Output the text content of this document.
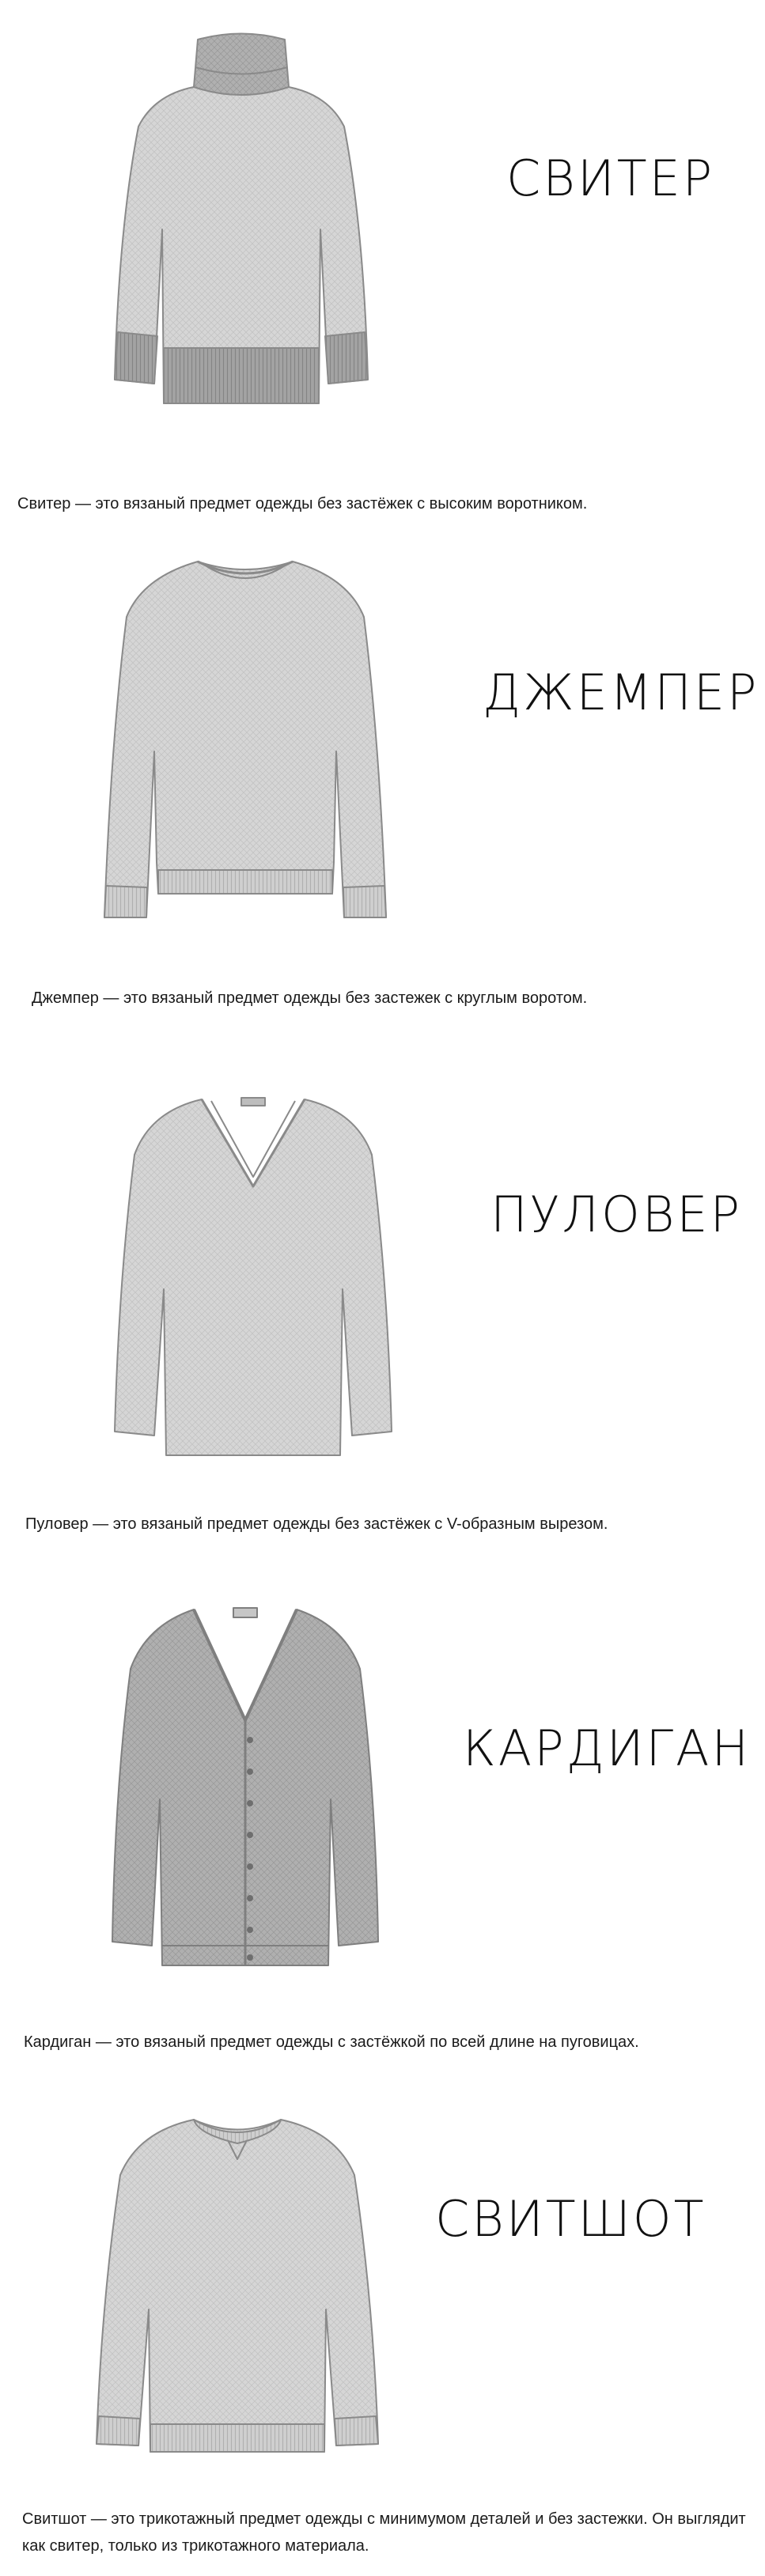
СВИТЕР
Свитер — это вязаный предмет одежды без застёжек с высоким воротником.
ДЖЕМПЕР
Джемпер — это вязаный предмет одежды без застежек с круглым воротом.
ПУЛОВЕР
Пуловер — это вязаный предмет одежды без застёжек с V-образным вырезом.
КАРДИГАН
Кардиган — это вязаный предмет одежды с застёжкой по всей длине на пуговицах.
СВИТШОТ
Свитшот — это трикотажный предмет одежды с минимумом деталей и без застежки. Он выглядит
как свитер, только из трикотажного материала.
